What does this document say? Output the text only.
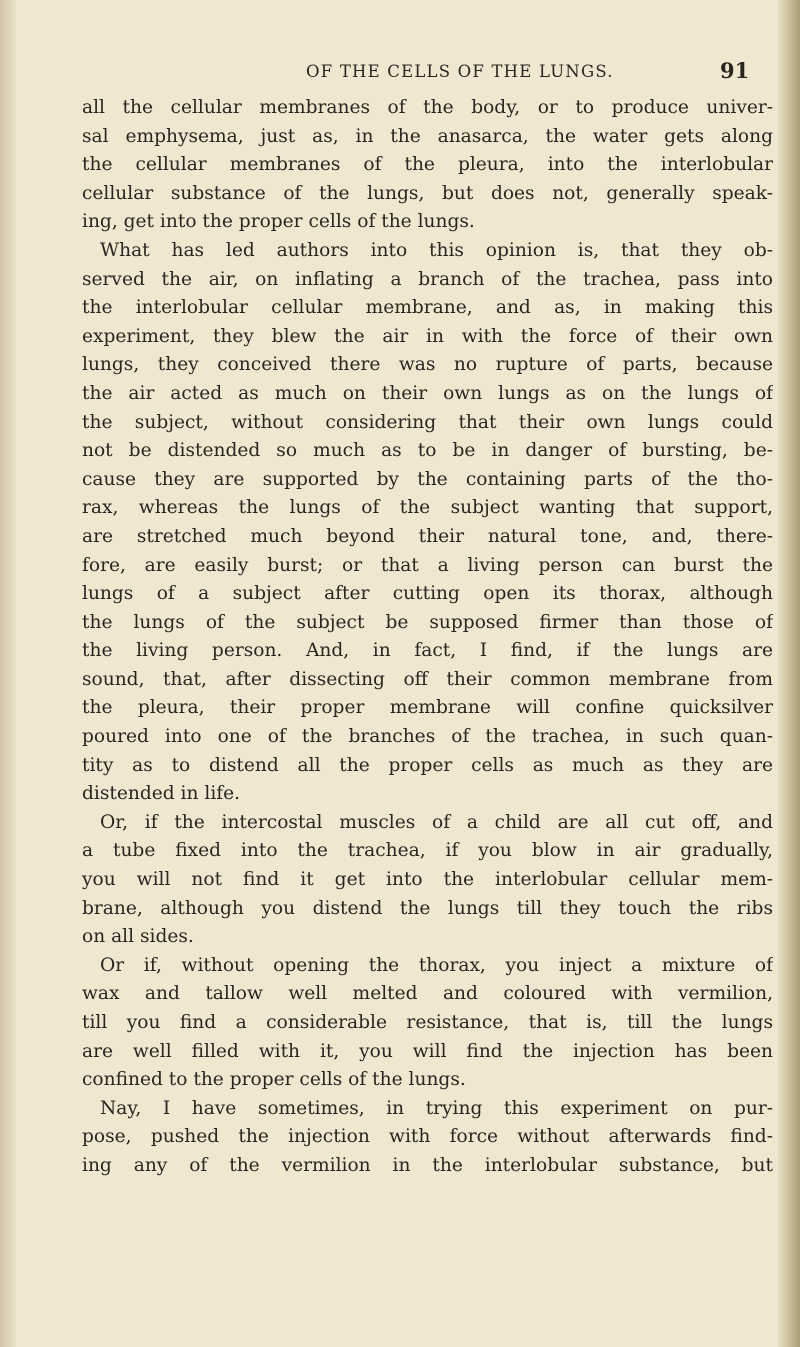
OF THE CELLS OF THE LUNGS.	91
all the cellular membranes of the body, or to produce univer-
sal emphysema, just as, in the anasarca, the water gets along
the cellular membranes of the pleura, into the interlobular
cellular substance of the lungs, but does not, generally speak-
ing, get into the proper cells of the lungs.
What has led authors into this opinion is, that they ob-
served the air, on inflating a branch of the trachea, pass into
the interlobular cellular membrane, and as, in making this
experiment, they blew the air in with the force of their own
lungs, they conceived there was no rupture of parts, because
the air acted as much on their own lungs as on the lungs of
the subject, without considering that their own lungs could
not be distended so much as to be in danger of bursting, be-
cause they are supported by the containing parts of the tho-
rax, whereas the lungs of the subject wanting that support,
are stretched much beyond their natural tone, and, there-
fore, are easily burst; or that a living person can burst the
lungs of a subject after cutting open its thorax, although
the lungs of the subject be supposed firmer than those of
the living person. And, in fact, I find, if the lungs are
sound, that, after dissecting off their common membrane from
the pleura, their proper membrane will confine quicksilver
poured into one of the branches of the trachea, in such quan-
tity as to distend all the proper cells as much as they are
distended in life.
Or, if the intercostal muscles of a child are all cut off, and
a tube fixed into the trachea, if you blow in air gradually,
you will not find it get into the interlobular cellular mem-
brane, although you distend the lungs till they touch the ribs
on all sides.
Or if, without opening the thorax, you inject a mixture of
wax and tallow well melted and coloured with vermilion,
till you find a considerable resistance, that is, till the lungs
are well filled with it, you will find the injection has been
confined to the proper cells of the lungs.
Nay, I have sometimes, in trying this experiment on pur-
pose, pushed the injection with force without afterwards find-
ing any of the vermilion in the interlobular substance, but
